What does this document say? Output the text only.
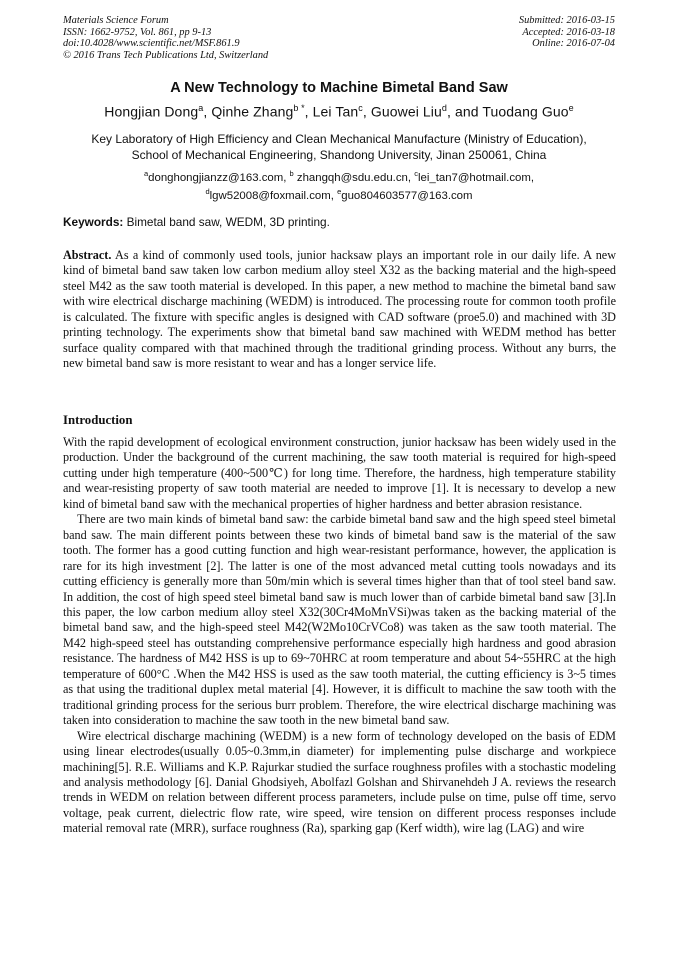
Materials Science Forum
ISSN: 1662-9752, Vol. 861, pp 9-13
doi:10.4028/www.scientific.net/MSF.861.9
© 2016 Trans Tech Publications Ltd, Switzerland
Submitted: 2016-03-15
Accepted: 2016-03-18
Online: 2016-07-04
A New Technology to Machine Bimetal Band Saw
Hongjian Dong$^a$, Qinhe Zhang$^{b *}$, Lei Tan$^c$, Guowei Liu$^d$, and Tuodang Guo$^e$
Key Laboratory of High Efficiency and Clean Mechanical Manufacture (Ministry of Education),
School of Mechanical Engineering, Shandong University, Jinan 250061, China
$^a$donghongjianzz@163.com, $^b$ zhangqh@sdu.edu.cn, $^c$lei_tan7@hotmail.com,
$^d$lgw52008@foxmail.com, $^e$guo804603577@163.com
Keywords: Bimetal band saw, WEDM, 3D printing.
Abstract. As a kind of commonly used tools, junior hacksaw plays an important role in our daily life. A new kind of bimetal band saw taken low carbon medium alloy steel X32 as the backing material and the high-speed steel M42 as the saw tooth material is developed. In this paper, a new method to machine the bimetal band saw with wire electrical discharge machining (WEDM) is introduced. The processing route for common tooth profile is calculated. The fixture with specific angles is designed with CAD software (proe5.0) and machined with 3D printing technology. The experiments show that bimetal band saw machined with WEDM method has better surface quality compared with that machined through the traditional grinding process. Without any burrs, the new bimetal band saw is more resistant to wear and has a longer service life.
Introduction

With the rapid development of ecological environment construction, junior hacksaw has been widely used in the production. Under the background of the current machining, the saw tooth material is required for high-speed cutting under high temperature (400~500℃) for long time. Therefore, the hardness, high temperature stability and wear-resisting property of saw tooth material are needed to improve [1]. It is necessary to develop a new kind of bimetal band saw with the mechanical properties of higher hardness and better abrasion resistance.

There are two main kinds of bimetal band saw: the carbide bimetal band saw and the high speed steel bimetal band saw. The main different points between these two kinds of bimetal band saw is the material of the saw tooth. The former has a good cutting function and high wear-resistant performance, however, the application is rare for its high investment [2]. The latter is one of the most advanced metal cutting tools nowadays and its cutting efficiency is generally more than 50m/min which is several times higher than that of tool steel band saw. In addition, the cost of high speed steel bimetal band saw is much lower than of carbide bimetal band saw [3].In this paper, the low carbon medium alloy steel X32(30Cr4MoMnVSi)was taken as the backing material of the bimetal band saw, and the high-speed steel M42(W2Mo10CrVCo8) was taken as the saw tooth material. The M42 high-speed steel has outstanding comprehensive performance especially high hardness and good abrasion resistance. The hardness of M42 HSS is up to 69~70HRC at room temperature and about 54~55HRC at the high temperature of 600°C .When the M42 HSS is used as the saw tooth material, the cutting efficiency is 3~5 times as that using the traditional duplex metal material [4]. However, it is difficult to machine the saw tooth with the traditional grinding process for the serious burr problem. Therefore, the wire electrical discharge machining was taken into consideration to machine the saw tooth in the new bimetal band saw.

Wire electrical discharge machining (WEDM) is a new form of technology developed on the basis of EDM using linear electrodes(usually 0.05~0.3mm,in diameter) for implementing pulse discharge and workpiece machining[5]. R.E. Williams and K.P. Rajurkar studied the surface roughness profiles with a stochastic modeling and analysis methodology [6]. Danial Ghodsiyeh, Abolfazl Golshan and Shirvanehdeh J A. reviews the research trends in WEDM on relation between different process parameters, include pulse on time, pulse off time, servo voltage, peak current, dielectric flow rate, wire speed, wire tension on different process responses include material removal rate (MRR), surface roughness (Ra), sparking gap (Kerf width), wire lag (LAG) and wire
